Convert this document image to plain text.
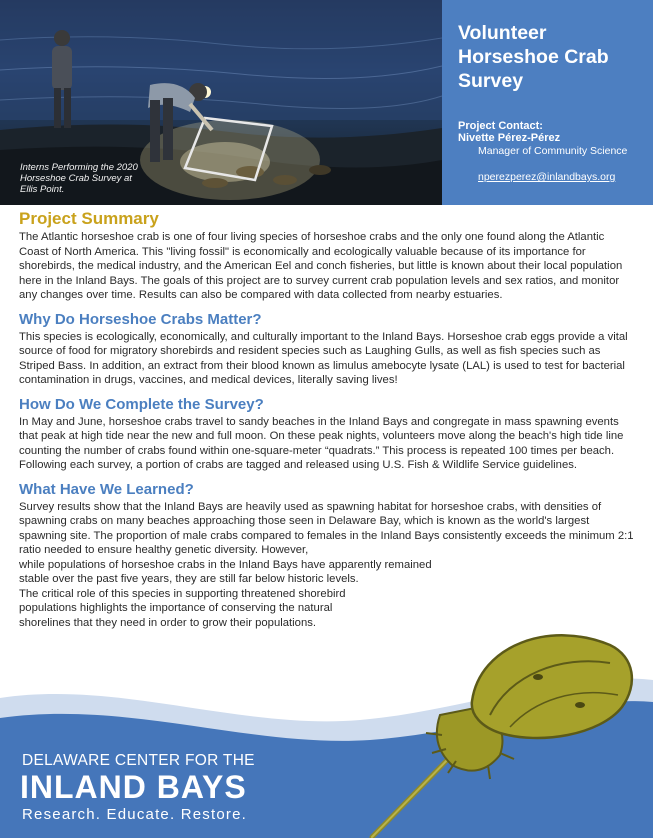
Interns Performing the 2020 Horseshoe Crab Survey at Ellis Point.
Volunteer Horseshoe Crab Survey
Project Contact:
Nivette Pérez-Pérez
Manager of Community Science
nperezperez@inlandbays.org
Project Summary

The Atlantic horseshoe crab is one of four living species of horseshoe crabs and the only one found along the Atlantic Coast of North America. This "living fossil" is economically and ecologically valuable because of its importance for shorebirds, the medical industry, and the American Eel and conch fisheries, but little is known about their local population here in the Inland Bays. The goals of this project are to survey current crab population levels and sex ratios, and monitor any changes over time. Results can also be compared with data collected from nearby estuaries.

Why Do Horseshoe Crabs Matter?

This species is ecologically, economically, and culturally important to the Inland Bays. Horseshoe crab eggs provide a vital source of food for migratory shorebirds and resident species such as Laughing Gulls, as well as fish species such as Striped Bass. In addition, an extract from their blood known as limulus amebocyte lysate (LAL) is used to test for bacterial contamination in drugs, vaccines, and medical devices, literally saving lives!

How Do We Complete the Survey?

In May and June, horseshoe crabs travel to sandy beaches in the Inland Bays and congregate in mass spawning events that peak at high tide near the new and full moon. On these peak nights, volunteers move along the beach's high tide line counting the number of crabs found within one-square-meter “quadrats.” This process is repeated 100 times per beach. Following each survey, a portion of crabs are tagged and released using U.S. Fish & Wildlife Service guidelines.

What Have We Learned?

Survey results show that the Inland Bays are heavily used as spawning habitat for horseshoe crabs, with densities of spawning crabs on many beaches approaching those seen in Delaware Bay, which is known as the world's largest spawning site. The proportion of male crabs compared to females in the Inland Bays consistently exceeds the minimum 2:1 ratio needed to ensure healthy genetic diversity. However,

while populations of horseshoe crabs in the Inland Bays have apparently remained
stable over the past five years, they are still far below historic levels.
The critical role of this species in supporting threatened shorebird
populations highlights the importance of conserving the natural
shorelines that they need in order to grow their populations.
DELAWARE CENTER FOR THE
INLAND BAYS
Research. Educate. Restore.
